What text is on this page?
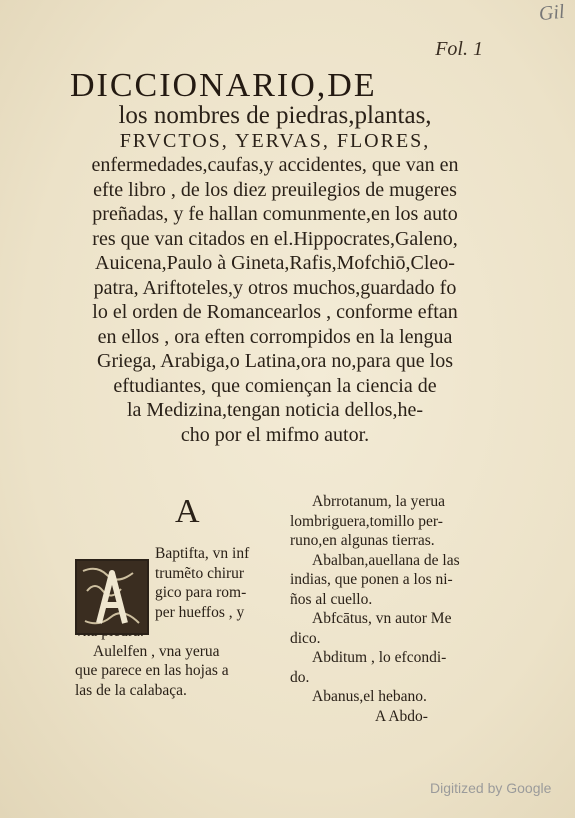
Gil
Fol. 1
DICCIONARIO,DE
los nombres de piedras,plantas,
FRVCTOS, YERVAS, FLORES,
enfermedades,caufas,y accidentes, que van en
efte libro , de los diez preuilegios de mugeres
preñadas, y fe hallan comunmente,en los auto
res que van citados en el.Hippocrates,Galeno,
Auicena,Paulo à Gineta,Rafis,Mofchiō,Cleo-
patra, Ariftoteles,y otros muchos,guardado fo
lo el orden de Romancearlos , conforme eftan
en ellos , ora eften corrompidos en la lengua
Griega, Arabiga,o Latina,ora no,para que los
eftudiantes, que comiençan la ciencia de
la Medizina,tengan noticia dellos,he-
cho por el mifmo autor.
A
Baptifta, vn inf
trumẽto chirur
gico para rom-
per hueffos , y
Aulelfen , vna yerua
que parece en las hojas a
las de la calabaça.
Abrrotanum, la yerua
lombriguera,tomillo per-
runo,en algunas tierras.
Abalban,auellana de las
indias, que ponen a los ni-
ños al cuello.
Abfcātus, vn autor Me
dico.
Abditum , lo efcondi-
do.
Abanus,el hebano.
A Abdo-
Digitized by Google
